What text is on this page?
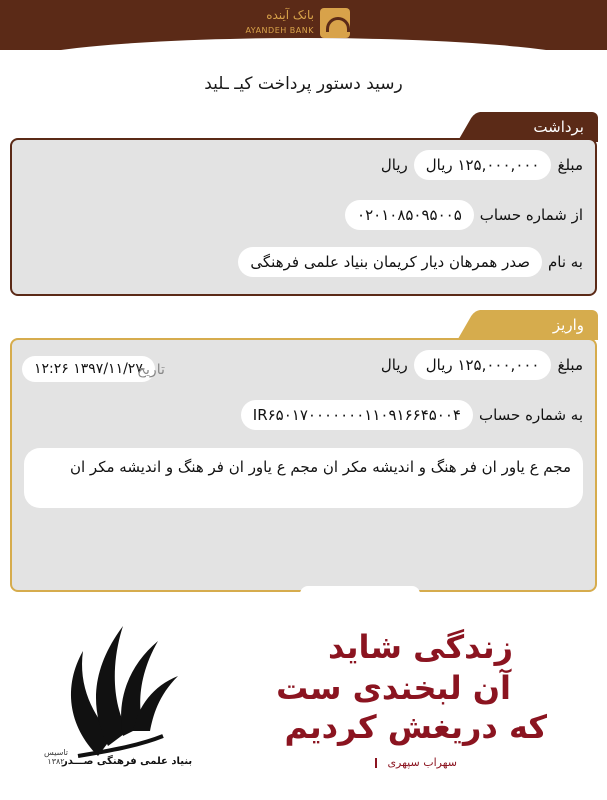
بانک آینده
AYANDEH BANK
رسید دستور پرداخت کیـ ـلید
برداشت
مبلغ
۱۲۵,۰۰۰,۰۰۰ ریال
ریال
از شماره حساب
۰۲۰۱۰۸۵۰۹۵۰۰۵
به نام
صدر همرهان دیار کریمان بنیاد علمی فرهنگی
واریز
۱۳۹۷/۱۱/۲۷ ۱۲:۲۶
تاریخ	مبلغ
۱۲۵,۰۰۰,۰۰۰ ریال
ریال
به شماره حساب
IR۶۵۰۱۷۰۰۰۰۰۰۰۱۱۰۹۱۶۶۴۵۰۰۴
مجم ع یاور ان فر هنگ و اندیشه مکر ان مجم ع یاور ان فر هنگ و اندیشه مکر ان
تاسیس
۱۳۸۲
بنیاد علمی فرهنگی صـــدر
زندگی شاید
آن لبخندی ست
که دریغش کردیم
سهراب سپهری
